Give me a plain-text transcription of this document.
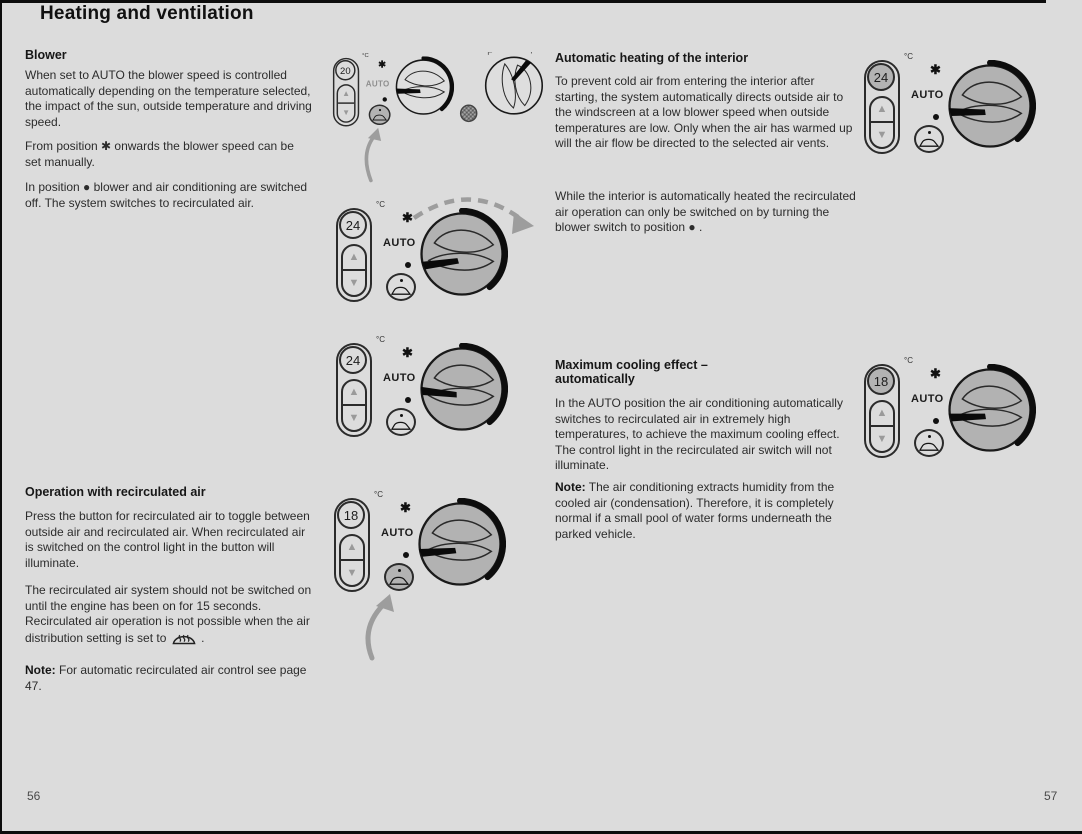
Heating and ventilation
Blower

When set to AUTO the blower speed is controlled automatically depending on the temperature selected, the impact of the sun, outside temperature and driving speed.

From position ✱ onwards the blower speed can be set manually.

In position ● blower and air conditioning are switched off. The system switches to recirculated air.

Operation with recirculated air

Press the button for recirculated air to toggle between outside air and recirculated air. When recirculated air is switched on the control light in the button will illuminate.

The recirculated air system should not be switched on until the engine has been on for 15 seconds. Recirculated air operation is not possible when the air distribution setting is set to	.

Note: For automatic recirculated air control see page 47.

Automatic heating of the interior

To prevent cold air from entering the interior after starting, the system automatically directs outside air to the windscreen at a low blower speed when outside temperatures are low. Only when the air has warmed up will the air flow be directed to the selected air vents.

While the interior is automatically heated the recirculated air operation can only be switched on by turning the blower switch to position ● .

Maximum cooling effect –
automatically

In the AUTO position the air conditioning automatically switches to recirculated air in extremely high temperatures, to achieve the maximum cooling effect. The control light in the recirculated air switch will not illuminate.

Note: The air conditioning extracts humidity from the cooled air (condensation). Therefore, it is completely normal if a small pool of water forms underneath the parked vehicle.

56	57
20
▲
▼
°C
✱
AUTO
24
▲
▼
°C
✱
AUTO
24
▲
▼
°C
✱
AUTO
18
▲
▼
°C
✱
AUTO
24
▲
▼
°C
✱
AUTO
18
▲
▼
°C
✱
AUTO
